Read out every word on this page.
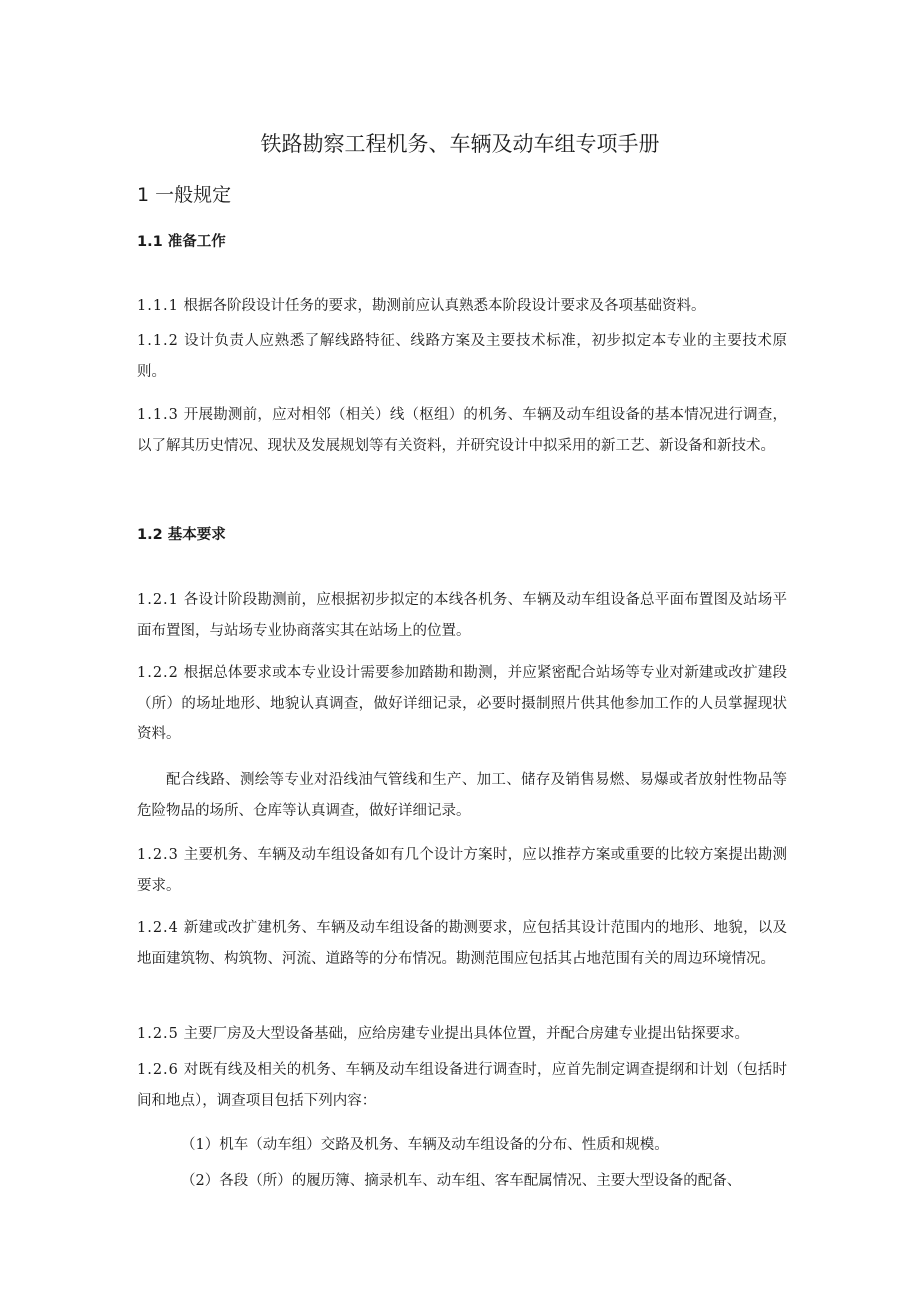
铁路勘察工程机务、车辆及动车组专项手册
1 一般规定
1.1 准备工作

1.1.1 根据各阶段设计任务的要求，勘测前应认真熟悉本阶段设计要求及各项基础资料。

1.1.2 设计负责人应熟悉了解线路特征、线路方案及主要技术标准，初步拟定本专业的主要技术原则。

1.1.3 开展勘测前，应对相邻（相关）线（枢组）的机务、车辆及动车组设备的基本情况进行调查，以了解其历史情况、现状及发展规划等有关资料，并研究设计中拟采用的新工艺、新设备和新技术。

1.2 基本要求

1.2.1 各设计阶段勘测前，应根据初步拟定的本线各机务、车辆及动车组设备总平面布置图及站场平面布置图，与站场专业协商落实其在站场上的位置。

1.2.2 根据总体要求或本专业设计需要参加踏勘和勘测，并应紧密配合站场等专业对新建或改扩建段（所）的场址地形、地貌认真调查，做好详细记录，必要时摄制照片供其他参加工作的人员掌握现状资料。

配合线路、测绘等专业对沿线油气管线和生产、加工、储存及销售易燃、易爆或者放射性物品等危险物品的场所、仓库等认真调查，做好详细记录。

1.2.3 主要机务、车辆及动车组设备如有几个设计方案时，应以推荐方案或重要的比较方案提出勘测要求。

1.2.4 新建或改扩建机务、车辆及动车组设备的勘测要求，应包括其设计范围内的地形、地貌，以及地面建筑物、构筑物、河流、道路等的分布情况。勘测范围应包括其占地范围有关的周边环境情况。

1.2.5 主要厂房及大型设备基础，应给房建专业提出具体位置，并配合房建专业提出钻探要求。

1.2.6 对既有线及相关的机务、车辆及动车组设备进行调查时，应首先制定调查提纲和计划（包括时间和地点），调查项目包括下列内容：

（1）机车（动车组）交路及机务、车辆及动车组设备的分布、性质和规模。
（2）各段（所）的履历簿、摘录机车、动车组、客车配属情况、主要大型设备的配备、
